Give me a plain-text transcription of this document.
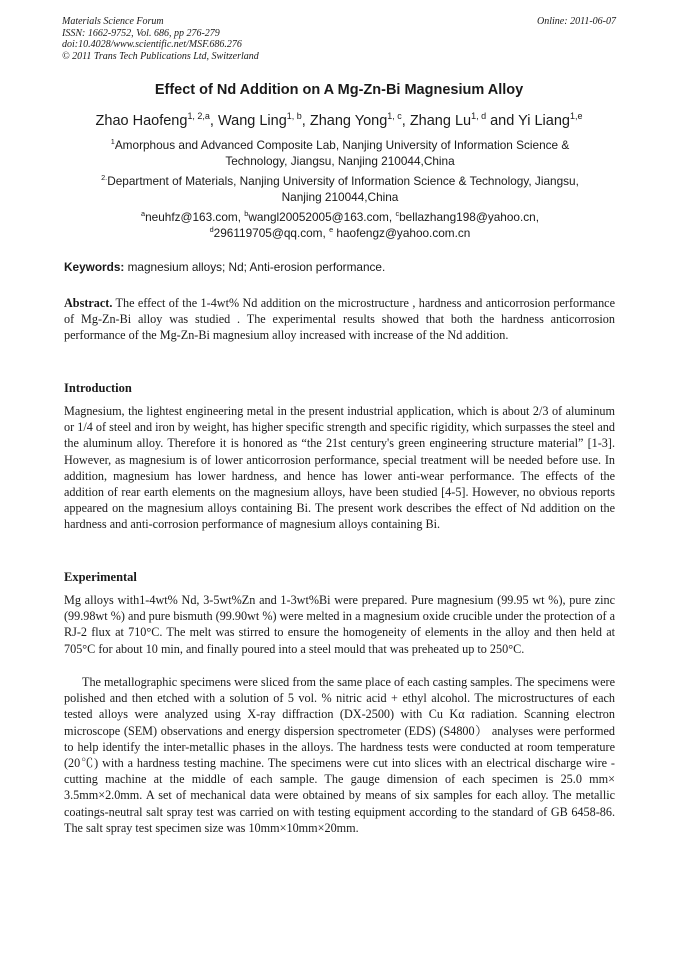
Materials Science Forum
ISSN: 1662-9752, Vol. 686, pp 276-279
doi:10.4028/www.scientific.net/MSF.686.276
© 2011 Trans Tech Publications Ltd, Switzerland
Online: 2011-06-07
Effect of Nd Addition on A Mg-Zn-Bi Magnesium Alloy
Zhao Haofeng$^{1, 2,a}$, Wang Ling$^{1, b}$, Zhang Yong$^{1, c}$, Zhang Lu$^{1, d}$ and Yi Liang$^{1,e}$
$^1$Amorphous and Advanced Composite Lab, Nanjing University of Information Science & Technology, Jiangsu, Nanjing 210044,China
$^{2.}$Department of Materials, Nanjing University of Information Science & Technology, Jiangsu, Nanjing 210044,China
$^a$neuhfz@163.com, $^b$wangl20052005@163.com, $^c$bellazhang198@yahoo.cn,
$^d$296119705@qq.com, $^e$ haofengz@yahoo.com.cn
Keywords: magnesium alloys; Nd; Anti-erosion performance.
Abstract. The effect of the 1-4wt% Nd addition on the microstructure , hardness and anticorrosion performance of Mg-Zn-Bi alloy was studied . The experimental results showed that both the hardness anticorrosion performance of the Mg-Zn-Bi magnesium alloy increased with increase of the Nd addition.
Introduction
Magnesium, the lightest engineering metal in the present industrial application, which is about 2/3 of aluminum or 1/4 of steel and iron by weight, has higher specific strength and specific rigidity, which surpasses the steel and the aluminum alloy. Therefore it is honored as “the 21st century's green engineering structure material” [1-3]. However, as magnesium is of lower anticorrosion performance, special treatment will be needed before use. In addition, magnesium has lower hardness, and hence has lower anti-wear performance. The effects of the addition of rear earth elements on the magnesium alloys, have been studied [4-5]. However, no obvious reports appeared on the magnesium alloys containing Bi. The present work describes the effect of Nd addition on the hardness and anti-corrosion performance of magnesium alloys containing Bi.
Experimental
Mg alloys with1-4wt% Nd, 3-5wt%Zn and 1-3wt%Bi were prepared. Pure magnesium (99.95 wt %), pure zinc (99.98wt %) and pure bismuth (99.90wt %) were melted in a magnesium oxide crucible under the protection of a RJ-2 flux at 710°C. The melt was stirred to ensure the homogeneity of elements in the alloy and then held at 705°C for about 10 min, and finally poured into a steel mould that was preheated up to 250°C.
The metallographic specimens were sliced from the same place of each casting samples. The specimens were polished and then etched with a solution of 5 vol. % nitric acid + ethyl alcohol. The microstructures of each tested alloys were analyzed using X-ray diffraction (DX-2500) with Cu Kα radiation. Scanning electron microscope (SEM) observations and energy dispersion spectrometer (EDS) (S4800） analyses were performed to help identify the inter-metallic phases in the alloys. The hardness tests were conducted at room temperature (20℃) with a hardness testing machine. The specimens were cut into slices with an electrical discharge wire - cutting machine at the middle of each sample. The gauge dimension of each specimen is 25.0 mm× 3.5mm×2.0mm. A set of mechanical data were obtained by means of six samples for each alloy. The metallic coatings-neutral salt spray test was carried on with testing equipment according to the standard of GB 6458-86. The salt spray test specimen size was 10mm×10mm×20mm.
